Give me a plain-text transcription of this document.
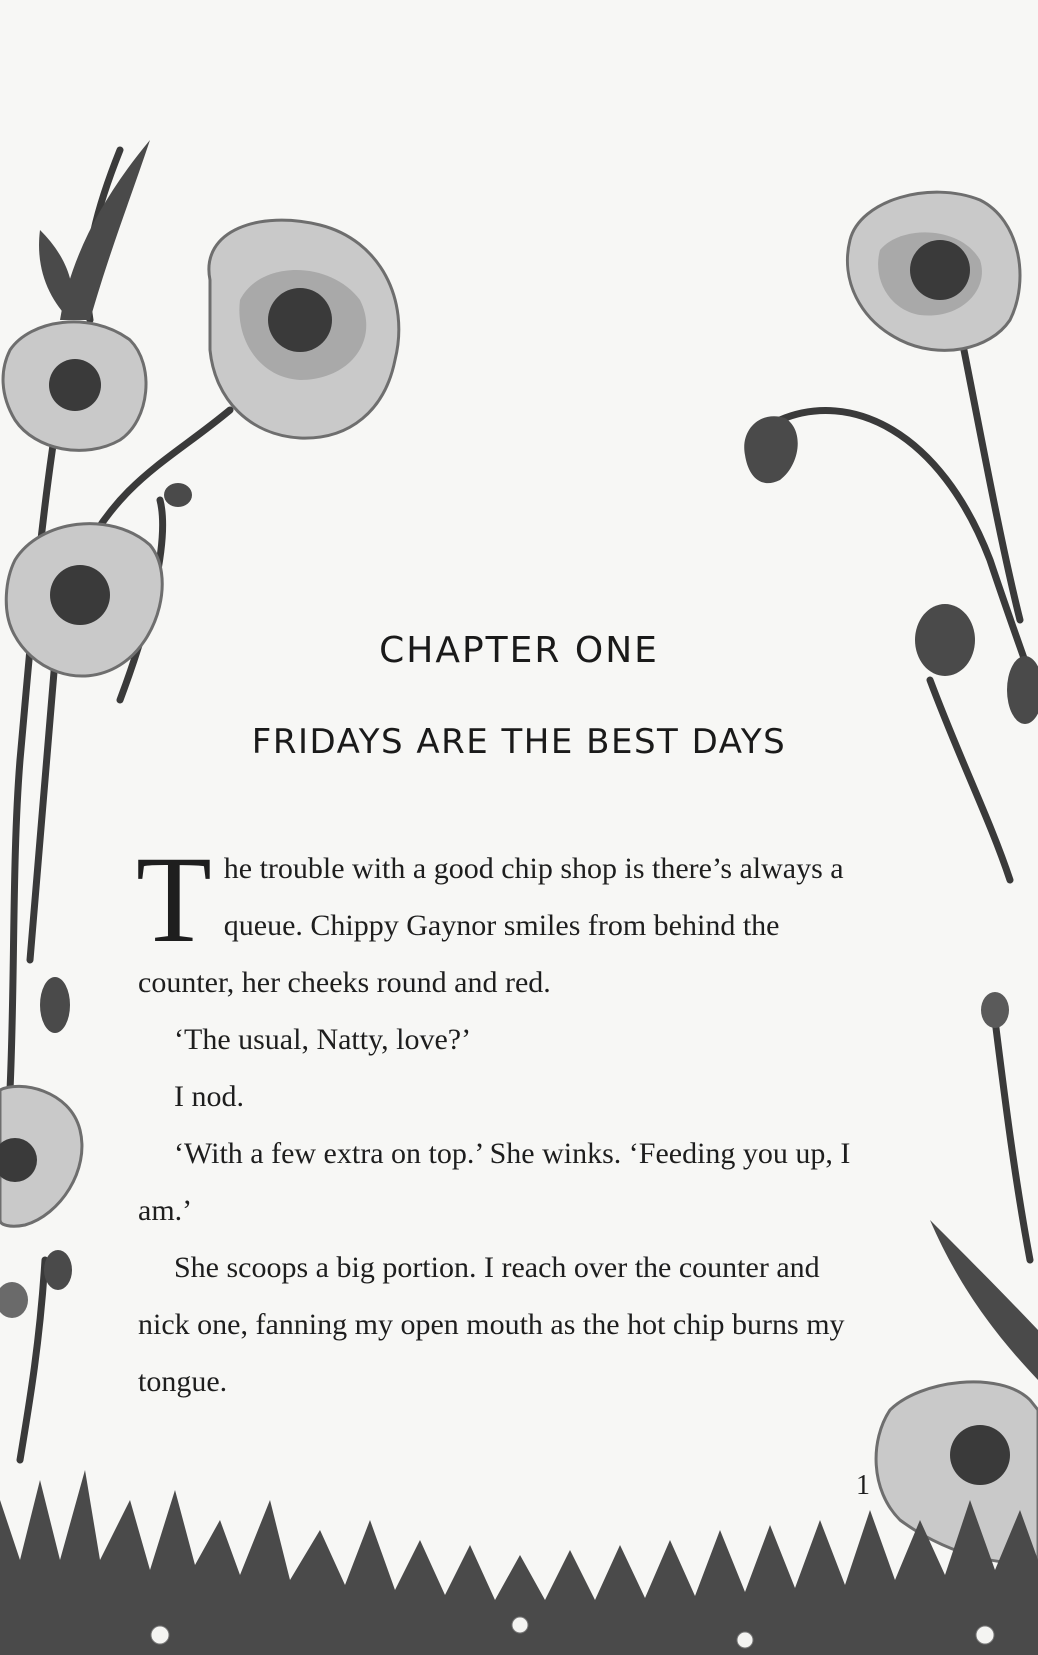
CHAPTER ONE
FRIDAYS ARE THE BEST DAYS

The trouble with a good chip shop is there’s always a queue. Chippy Gaynor smiles from behind the counter, her cheeks round and red.

‘The usual, Natty, love?’

I nod.

‘With a few extra on top.’ She winks. ‘Feeding you up, I am.’

She scoops a big portion. I reach over the counter and nick one, fanning my open mouth as the hot chip burns my tongue.

1
